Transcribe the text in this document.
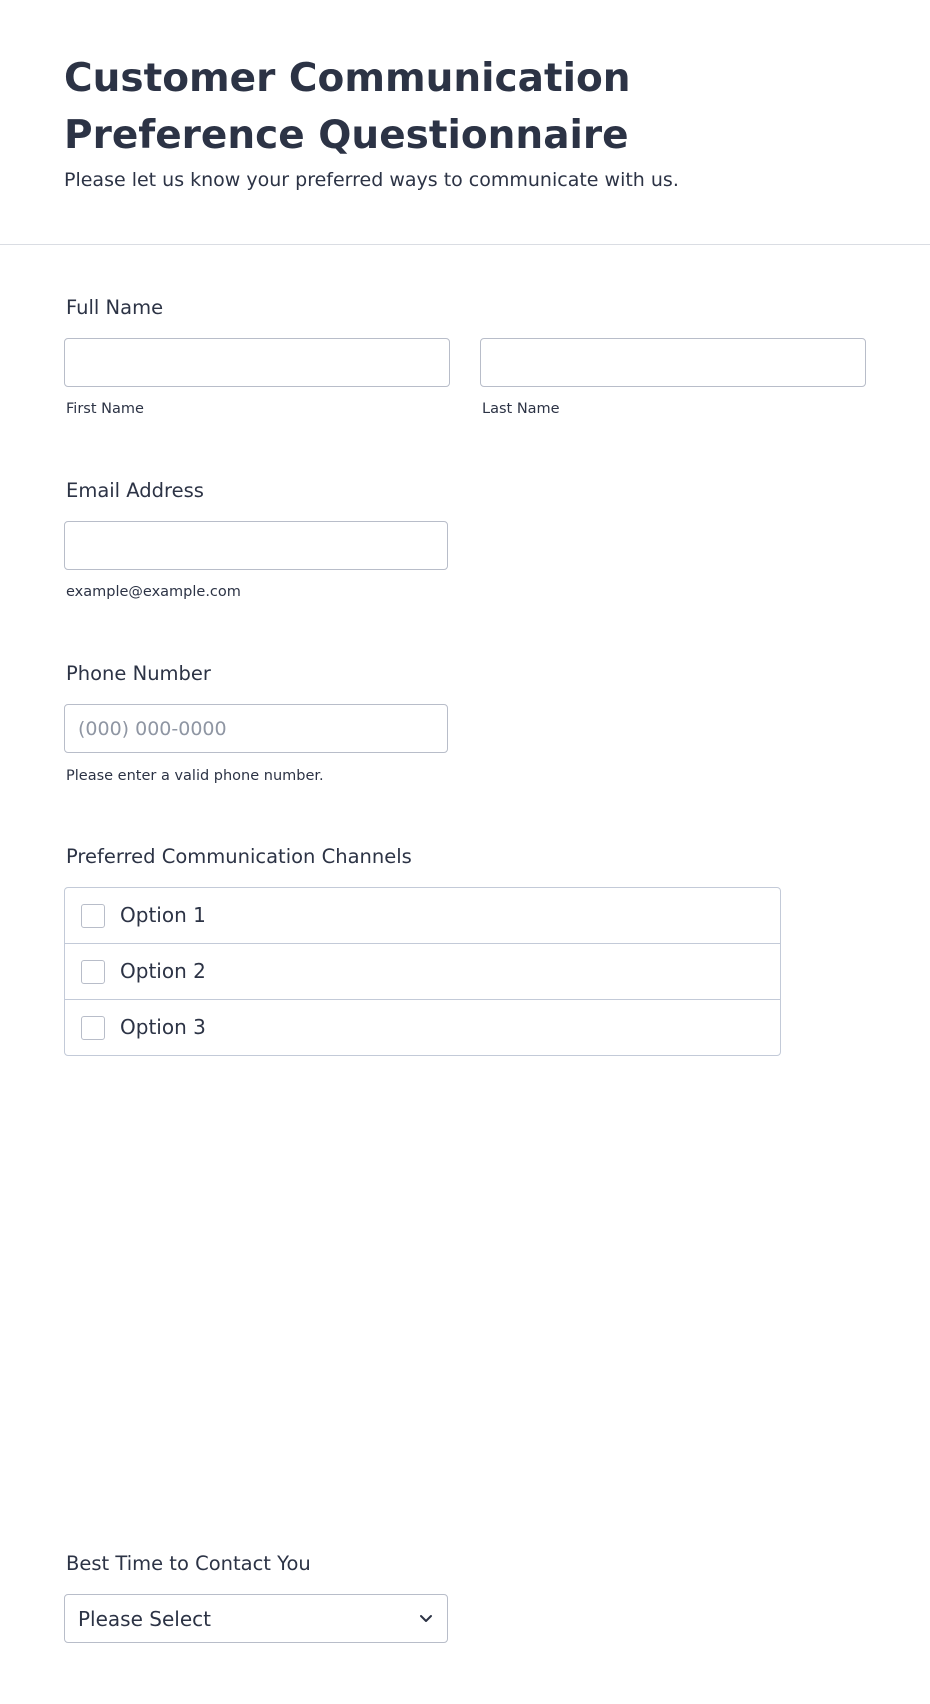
Customer Communication Preference Questionnaire

Please let us know your preferred ways to communicate with us.

Full Name
First Name	Last Name
Email Address
example@example.com
Phone Number
(000) 000-0000
Please enter a valid phone number.
Preferred Communication Channels
Option 1
Option 2
Option 3
Best Time to Contact You
Please Select
